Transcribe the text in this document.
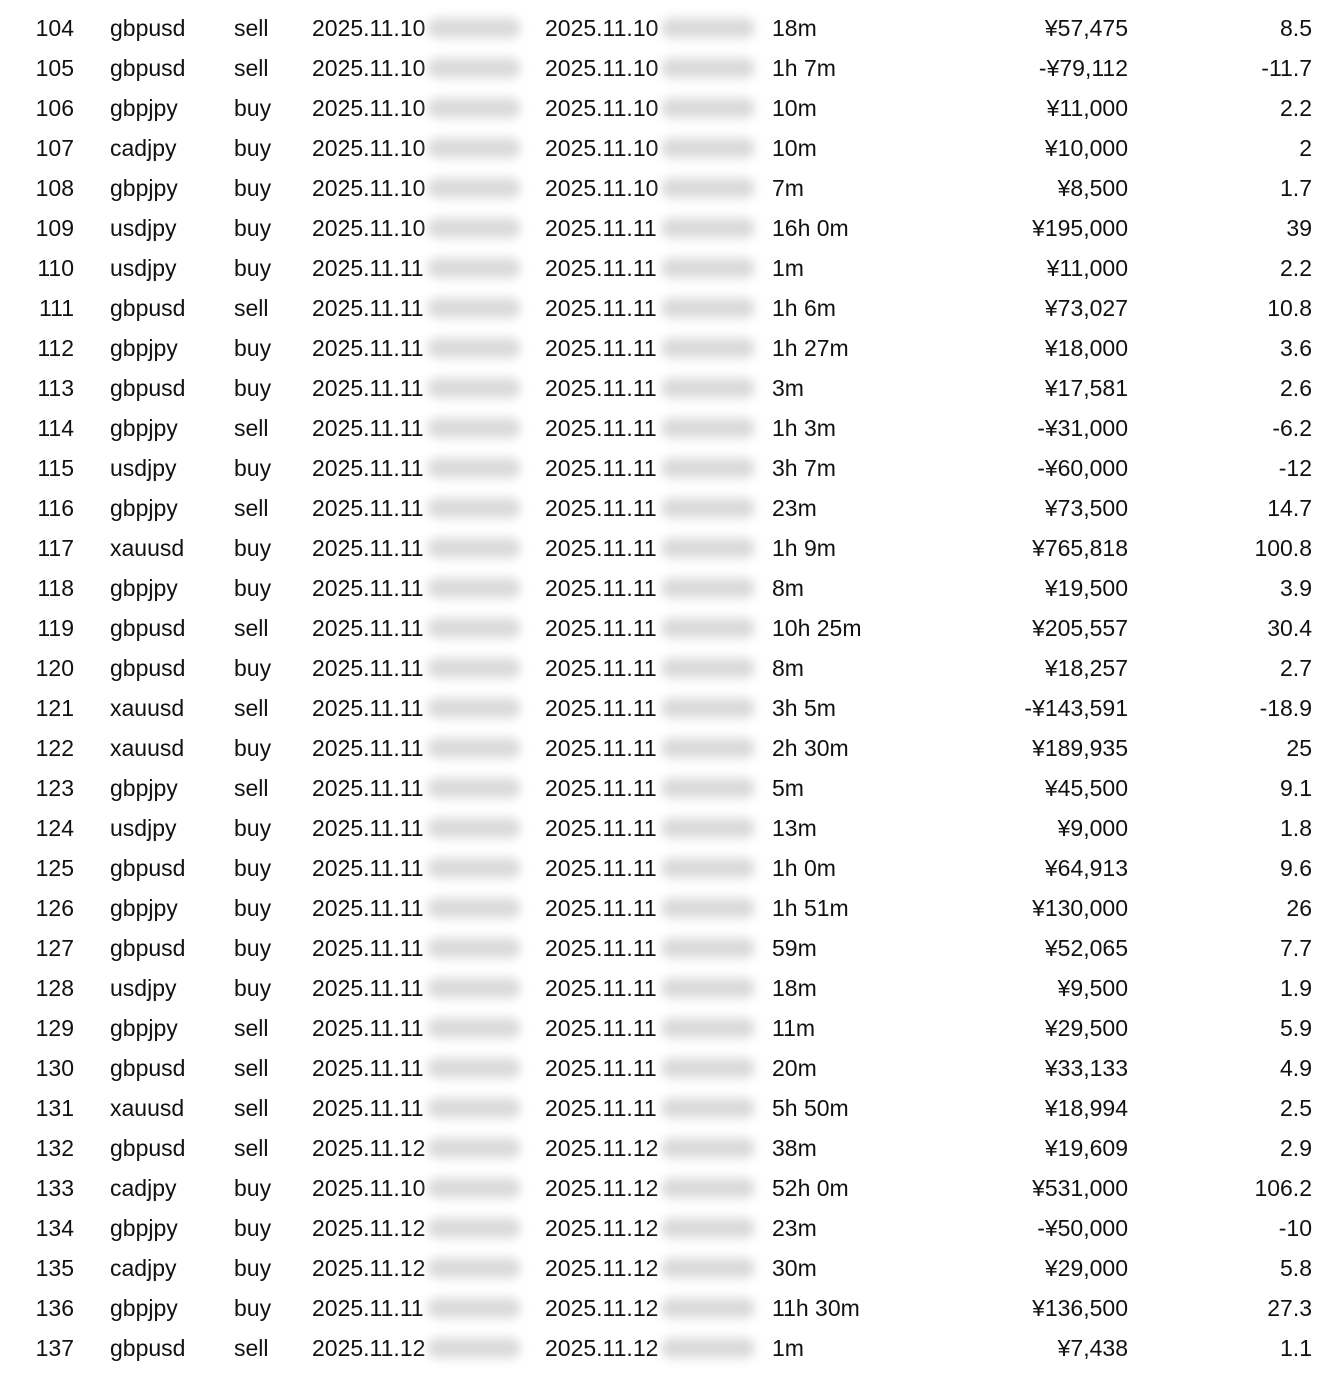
104 gbpusd sell 2025.11.10	2025.11.10	18m	¥57,475	8.5
105 gbpusd sell 2025.11.10	2025.11.10	1h 7m	-¥79,112	-11.7
106 gbpjpy buy 2025.11.10	2025.11.10	10m	¥11,000	2.2
107 cadjpy	buy 2025.11.10	2025.11.10	10m	¥10,000	2
108 gbpjpy buy 2025.11.10	2025.11.10	7m	¥8,500	1.7
109 usdjpy	buy 2025.11.10	2025.11.11	16h 0m	¥195,000	39
110 usdjpy	buy 2025.11.11	2025.11.11	1m	¥11,000	2.2
111 gbpusd sell 2025.11.11	2025.11.11	1h 6m	¥73,027	10.8
112 gbpjpy buy 2025.11.11	2025.11.11	1h 27m	¥18,000	3.6
113 gbpusd buy 2025.11.11	2025.11.11	3m	¥17,581	2.6
114 gbpjpy sell 2025.11.11	2025.11.11	1h 3m	-¥31,000	-6.2
115 usdjpy	buy 2025.11.11	2025.11.11	3h 7m	-¥60,000	-12
116 gbpjpy sell 2025.11.11	2025.11.11	23m	¥73,500	14.7
117 xauusd buy 2025.11.11	2025.11.11	1h 9m	¥765,818	100.8
118 gbpjpy buy 2025.11.11	2025.11.11	8m	¥19,500	3.9
119 gbpusd sell 2025.11.11	2025.11.11	10h 25m	¥205,557	30.4
120 gbpusd buy 2025.11.11	2025.11.11	8m	¥18,257	2.7
121 xauusd sell 2025.11.11	2025.11.11	3h 5m	-¥143,591	-18.9
122 xauusd buy 2025.11.11	2025.11.11	2h 30m	¥189,935	25
123 gbpjpy sell 2025.11.11	2025.11.11	5m	¥45,500	9.1
124 usdjpy	buy 2025.11.11	2025.11.11	13m	¥9,000	1.8
125 gbpusd buy 2025.11.11	2025.11.11	1h 0m	¥64,913	9.6
126 gbpjpy buy 2025.11.11	2025.11.11	1h 51m	¥130,000	26
127 gbpusd buy 2025.11.11	2025.11.11	59m	¥52,065	7.7
128 usdjpy	buy 2025.11.11	2025.11.11	18m	¥9,500	1.9
129 gbpjpy sell 2025.11.11	2025.11.11	11m	¥29,500	5.9
130 gbpusd sell 2025.11.11	2025.11.11	20m	¥33,133	4.9
131 xauusd sell 2025.11.11	2025.11.11	5h 50m	¥18,994	2.5
132 gbpusd sell 2025.11.12	2025.11.12	38m	¥19,609	2.9
133 cadjpy	buy 2025.11.10	2025.11.12	52h 0m	¥531,000	106.2
134 gbpjpy buy 2025.11.12	2025.11.12	23m	-¥50,000	-10
135 cadjpy	buy 2025.11.12	2025.11.12	30m	¥29,000	5.8
136 gbpjpy buy 2025.11.11	2025.11.12	11h 30m	¥136,500	27.3
137 gbpusd sell 2025.11.12	2025.11.12	1m	¥7,438	1.1
